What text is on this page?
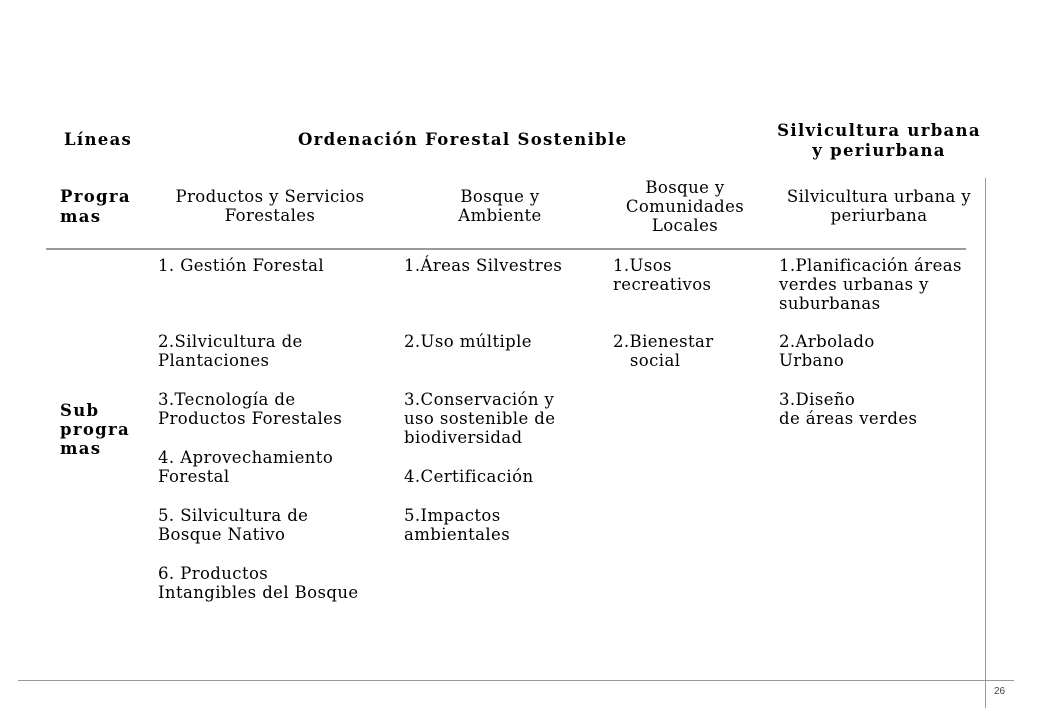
Líneas	Ordenación Forestal Sostenible	Silvicultura urbana
y periurbana
Progra
mas
Productos y Servicios
Forestales
Bosque y
Ambiente
Bosque y
Comunidades
Locales
Silvicultura urbana y
periurbana
Sub
progra
mas
1. Gestión Forestal
2.Silvicultura de
Plantaciones
3.Tecnología de
Productos Forestales
4. Aprovechamiento
Forestal
5. Silvicultura de
Bosque Nativo
6. Productos
Intangibles del Bosque
1.Áreas Silvestres
2.Uso múltiple
3.Conservación y
uso sostenible de
biodiversidad
4.Certificación
5.Impactos
ambientales
1.Usos
recreativos
2.Bienestar
social
1.Planificación áreas
verdes urbanas y
suburbanas
2.Arbolado
Urbano
3.Diseño
de áreas verdes
26
